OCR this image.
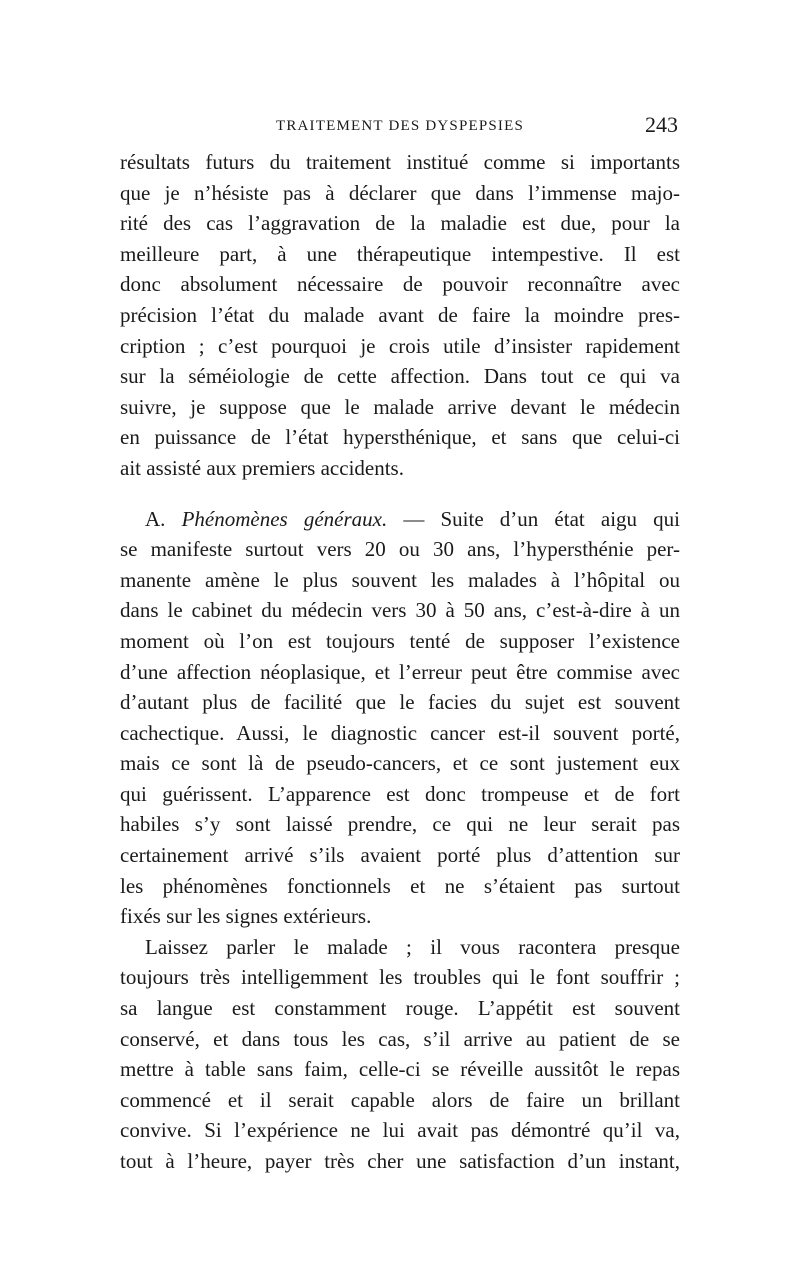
TRAITEMENT DES DYSPEPSIES	243
résultats futurs du traitement institué comme si importants
que je n’hésiste pas à déclarer que dans l’immense majo-
rité des cas l’aggravation de la maladie est due, pour la
meilleure part, à une thérapeutique intempestive. Il est
donc absolument nécessaire de pouvoir reconnaître avec
précision l’état du malade avant de faire la moindre pres-
cription ; c’est pourquoi je crois utile d’insister rapidement
sur la séméiologie de cette affection. Dans tout ce qui va
suivre, je suppose que le malade arrive devant le médecin
en puissance de l’état hypersthénique, et sans que celui-ci
ait assisté aux premiers accidents.
A. Phénomènes généraux. — Suite d’un état aigu qui
se manifeste surtout vers 20 ou 30 ans, l’hypersthénie per-
manente amène le plus souvent les malades à l’hôpital ou
dans le cabinet du médecin vers 30 à 50 ans, c’est-à-dire à un
moment où l’on est toujours tenté de supposer l’existence
d’une affection néoplasique, et l’erreur peut être commise avec
d’autant plus de facilité que le facies du sujet est souvent
cachectique. Aussi, le diagnostic cancer est-il souvent porté,
mais ce sont là de pseudo-cancers, et ce sont justement eux
qui guérissent. L’apparence est donc trompeuse et de fort
habiles s’y sont laissé prendre, ce qui ne leur serait pas
certainement arrivé s’ils avaient porté plus d’attention sur
les phénomènes fonctionnels et ne s’étaient pas surtout
fixés sur les signes extérieurs.
Laissez parler le malade ; il vous racontera presque
toujours très intelligemment les troubles qui le font souffrir ;
sa langue est constamment rouge. L’appétit est souvent
conservé, et dans tous les cas, s’il arrive au patient de se
mettre à table sans faim, celle-ci se réveille aussitôt le repas
commencé et il serait capable alors de faire un brillant
convive. Si l’expérience ne lui avait pas démontré qu’il va,
tout à l’heure, payer très cher une satisfaction d’un instant,
